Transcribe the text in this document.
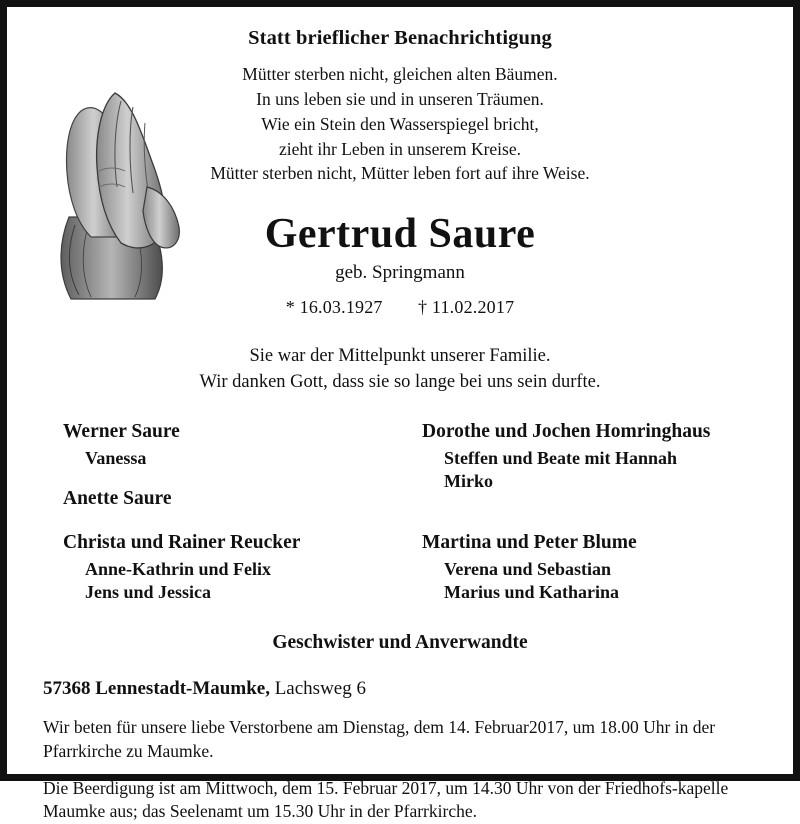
Statt brieflicher Benachrichtigung
Mütter sterben nicht, gleichen alten Bäumen.
In uns leben sie und in unseren Träumen.
Wie ein Stein den Wasserspiegel bricht,
zieht ihr Leben in unserem Kreise.
Mütter sterben nicht, Mütter leben fort auf ihre Weise.
Gertrud Saure
geb. Springmann
* 16.03.1927 † 11.02.2017
Sie war der Mittelpunkt unserer Familie.
Wir danken Gott, dass sie so lange bei uns sein durfte.
Werner Saure
Vanessa
Anette Saure
Dorothe und Jochen Homringhaus
Steffen und Beate mit Hannah
Mirko
Christa und Rainer Reucker
Anne-Kathrin und Felix
Jens und Jessica
Martina und Peter Blume
Verena und Sebastian
Marius und Katharina
Geschwister und Anverwandte
57368 Lennestadt-Maumke, Lachsweg 6

Wir beten für unsere liebe Verstorbene am Dienstag, dem 14. Februar2017, um 18.00 Uhr in der Pfarrkirche zu Maumke.

Die Beerdigung ist am Mittwoch, dem 15. Februar 2017, um 14.30 Uhr von der Friedhofs-kapelle Maumke aus; das Seelenamt um 15.30 Uhr in der Pfarrkirche.
